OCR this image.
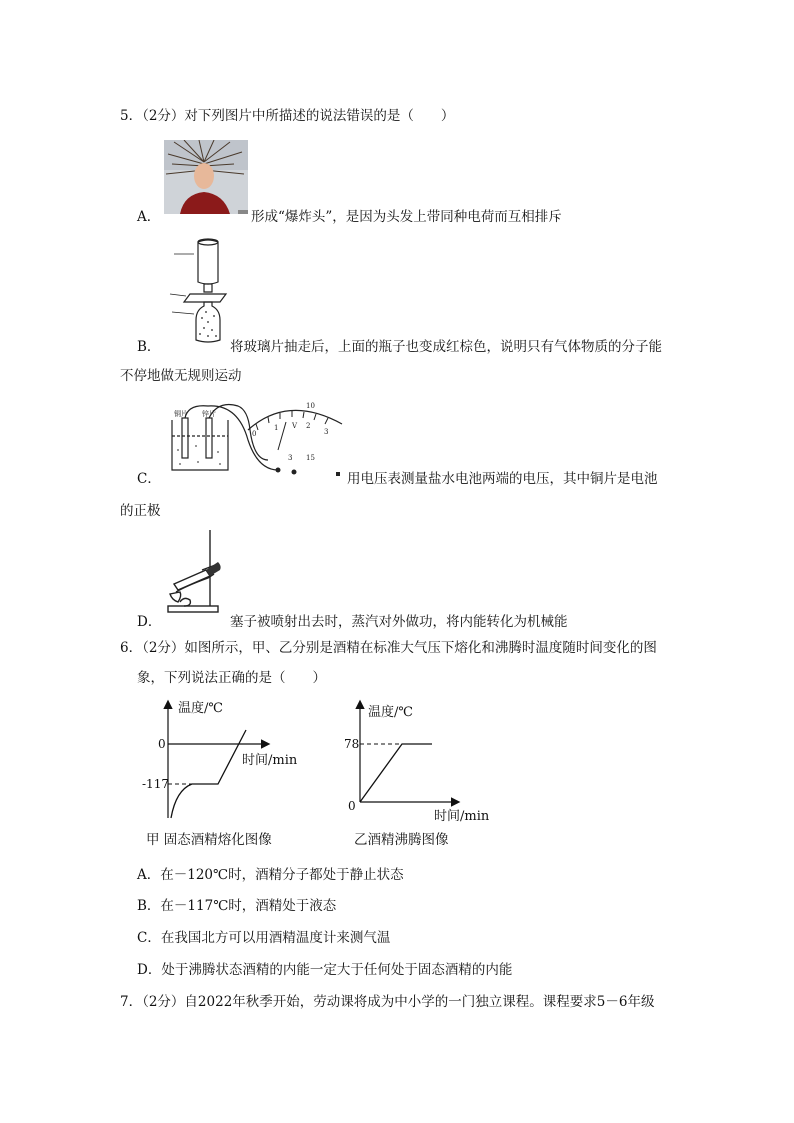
5．（2分）对下列图片中所描述的说法错误的是（　　）
A．	形成“爆炸头”，是因为头发上带同种电荷而互相排斥
B．	将玻璃片抽走后，上面的瓶子也变成红棕色，说明只有气体物质的分子能
不停地做无规则运动
0
1 V 2
3
10
3 15
铜片 锌片
C．	用电压表测量盐水电池两端的电压，其中铜片是电池
的正极
D．	塞子被喷射出去时，蒸汽对外做功，将内能转化为机械能
6．（2分）如图所示，甲、乙分别是酒精在标准大气压下熔化和沸腾时温度随时间变化的图
象，下列说法正确的是（　　）
温度/℃
0
-117
时间/min
甲 固态酒精熔化图像
温度/℃
78
0
时间/min
乙酒精沸腾图像
A．在－120℃时，酒精分子都处于静止状态
B．在－117℃时，酒精处于液态
C．在我国北方可以用酒精温度计来测气温
D．处于沸腾状态酒精的内能一定大于任何处于固态酒精的内能
7．（2分）自2022年秋季开始，劳动课将成为中小学的一门独立课程。课程要求5－6年级
